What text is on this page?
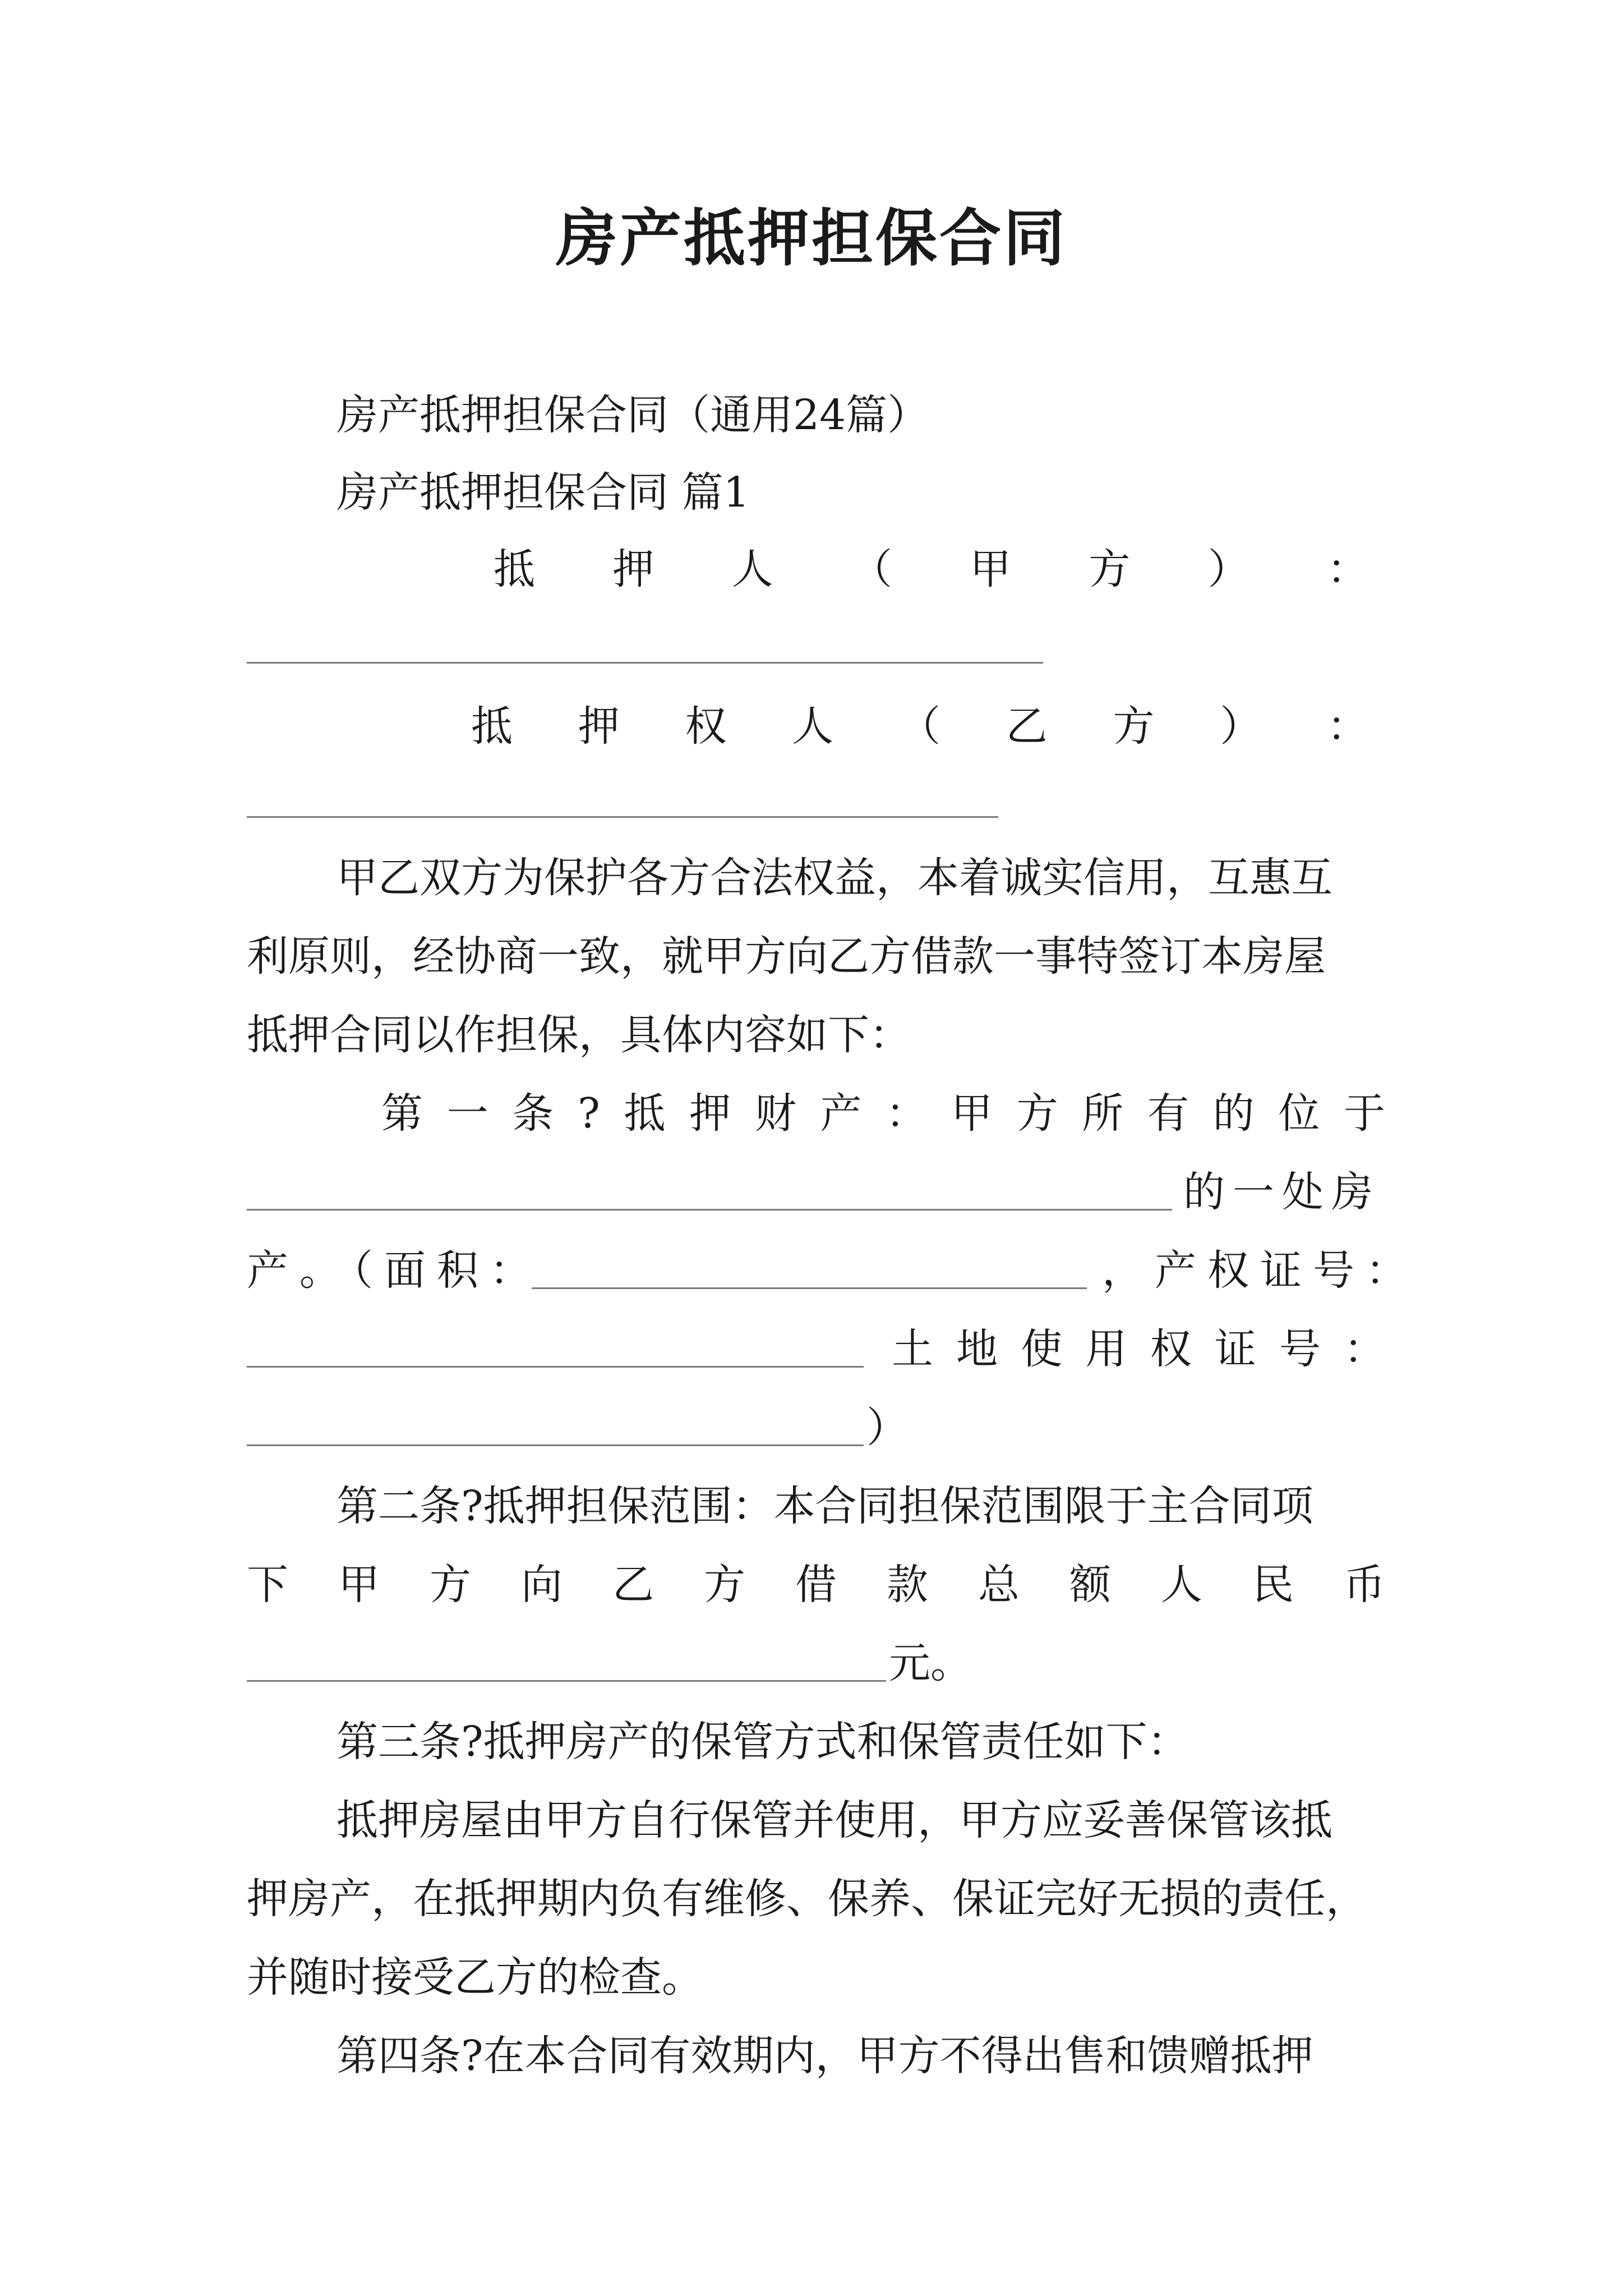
房产抵押担保合同
房产抵押担保合同（通用24篇）
房产抵押担保合同 篇1
抵 押 人 （ 甲 方 ） ：
抵 押 权 人 （ 乙 方 ） ：
甲乙双方为保护各方合法权益，本着诚实信用，互惠互
利原则，经协商一致，就甲方向乙方借款一事特签订本房屋
抵押合同以作担保，具体内容如下：
第 一 条 ? 抵 押 财 产 ： 甲 方 所 有 的 位 于
的一处房
产。（面积：	，产权证号：
土 地 使 用 权 证 号 ：
）
第二条?抵押担保范围：本合同担保范围限于主合同项
下 甲 方 向 乙 方 借 款 总 额 人 民 币
元。
第三条?抵押房产的保管方式和保管责任如下：
抵押房屋由甲方自行保管并使用，甲方应妥善保管该抵
押房产，在抵押期内负有维修、保养、保证完好无损的责任，
并随时接受乙方的检查。
第四条?在本合同有效期内，甲方不得出售和馈赠抵押
